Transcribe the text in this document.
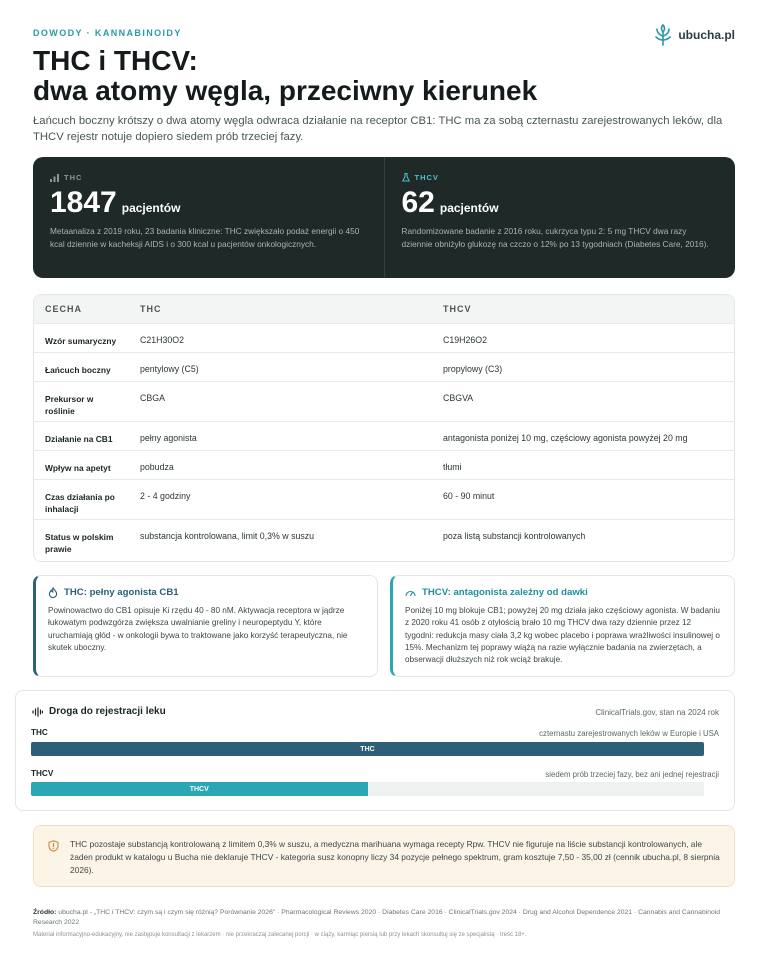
DOWODY · KANNABINOIDY	ubucha.pl
THC i THCV:
dwa atomy węgla, przeciwny kierunek

Łańcuch boczny krótszy o dwa atomy węgla odwraca działanie na receptor CB1: THC ma za sobą czternastu zarejestrowanych leków, dla THCV rejestr notuje dopiero siedem prób trzeciej fazy.

THC
1847 pacjentów
Metaanaliza z 2019 roku, 23 badania kliniczne: THC zwiększało podaż energii o 450 kcal dziennie w kacheksji AIDS i o 300 kcal u pacjentów onkologicznych.
THCV
62 pacjentów
Randomizowane badanie z 2016 roku, cukrzyca typu 2: 5 mg THCV dwa razy dziennie obniżyło glukozę na czczo o 12% po 13 tygodniach (Diabetes Care, 2016).
CECHA	THC	THCV
Wzór sumaryczny	C21H30O2	C19H26O2
Łańcuch boczny	pentylowy (C5)	propylowy (C3)
Prekursor w roślinie	CBGA	CBGVA
Działanie na CB1	pełny agonista	antagonista poniżej 10 mg, częściowy agonista powyżej 20 mg
Wpływ na apetyt	pobudza	tłumi
Czas działania po inhalacji	2 - 4 godziny	60 - 90 minut
Status w polskim prawie	substancja kontrolowana, limit 0,3% w suszu	poza listą substancji kontrolowanych
THC: pełny agonista CB1

Powinowactwo do CB1 opisuje Ki rzędu 40 - 80 nM. Aktywacja receptora w jądrze łukowatym podwzgórza zwiększa uwalnianie greliny i neuropeptydu Y, które uruchamiają głód - w onkologii bywa to traktowane jako korzyść terapeutyczna, nie skutek uboczny.

THCV: antagonista zależny od dawki

Poniżej 10 mg blokuje CB1; powyżej 20 mg działa jako częściowy agonista. W badaniu z 2020 roku 41 osób z otyłością brało 10 mg THCV dwa razy dziennie przez 12 tygodni: redukcja masy ciała 3,2 kg wobec placebo i poprawa wrażliwości insulinowej o 15%. Mechanizm tej poprawy wiążą na razie wyłącznie badania na zwierzętach, a obserwacji dłuższych niż rok wciąż brakuje.

Droga do rejestracji leku	ClinicalTrials.gov, stan na 2024 rok
THC	czternastu zarejestrowanych leków w Europie i USA
THC
THCV	siedem prób trzeciej fazy, bez ani jednej rejestracji
THCV

THC pozostaje substancją kontrolowaną z limitem 0,3% w suszu, a medyczna marihuana wymaga recepty Rpw. THCV nie figuruje na liście substancji kontrolowanych, ale żaden produkt w katalogu u Bucha nie deklaruje THCV - kategoria susz konopny liczy 34 pozycje pełnego spektrum, gram kosztuje 7,50 - 35,00 zł (cennik ubucha.pl, 8 sierpnia 2026).

Źródło: ubucha.pl - „THC i THCV: czym są i czym się różnią? Porównanie 2026" · Pharmacological Reviews 2020 · Diabetes Care 2016 · ClinicalTrials.gov 2024 · Drug and Alcohol Dependence 2021 · Cannabis and Cannabinoid Research 2022

Materiał informacyjno-edukacyjny, nie zastępuje konsultacji z lekarzem · nie przekraczaj zalecanej porcji · w ciąży, karmiąc piersią lub przy lekach skonsultuj się ze specjalistą · treść 18+.
